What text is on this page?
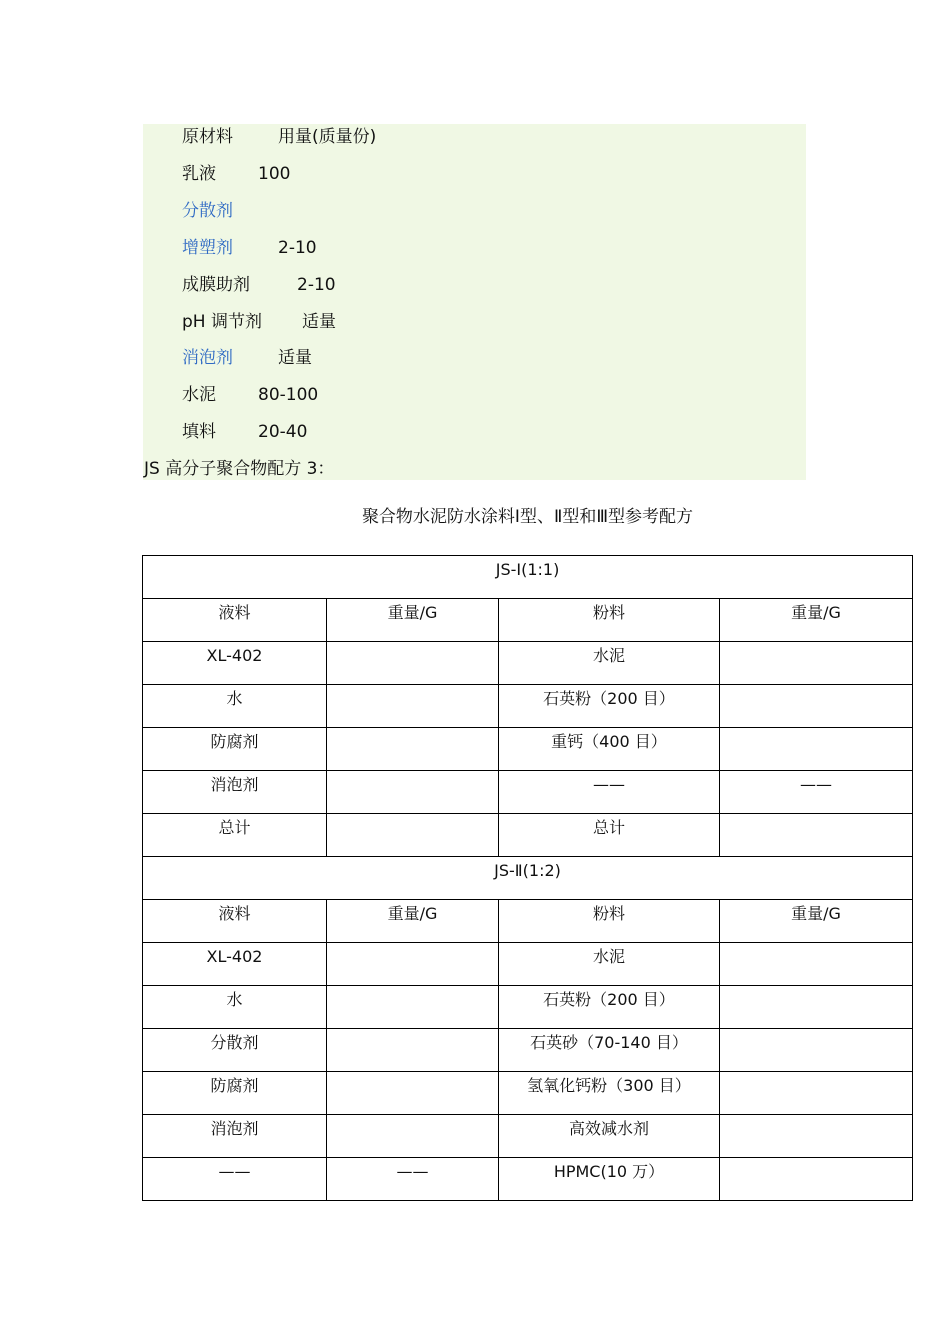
原材料	用量(质量份)
乳液 100
分散剂
增塑剂	2-10
成膜助剂	2-10
pH 调节剂 适量
消泡剂	适量
水泥 80-100
填料 20-40
JS 高分子聚合物配方 3：
聚合物水泥防水涂料Ⅰ型、Ⅱ型和Ⅲ型参考配方
JS-Ⅰ(1:1)			
液料	重量/G	粉料	重量/G
XL-402		水泥	
水		石英粉（200 目）	
防腐剂		重钙（400 目）	
消泡剂		——	——
总计		总计	
JS-Ⅱ(1:2)			
液料	重量/G	粉料	重量/G
XL-402		水泥	
水		石英粉（200 目）	
分散剂		石英砂（70-140 目）	
防腐剂		氢氧化钙粉（300 目）	
消泡剂		高效减水剂	
——	——	HPMC(10 万）	
